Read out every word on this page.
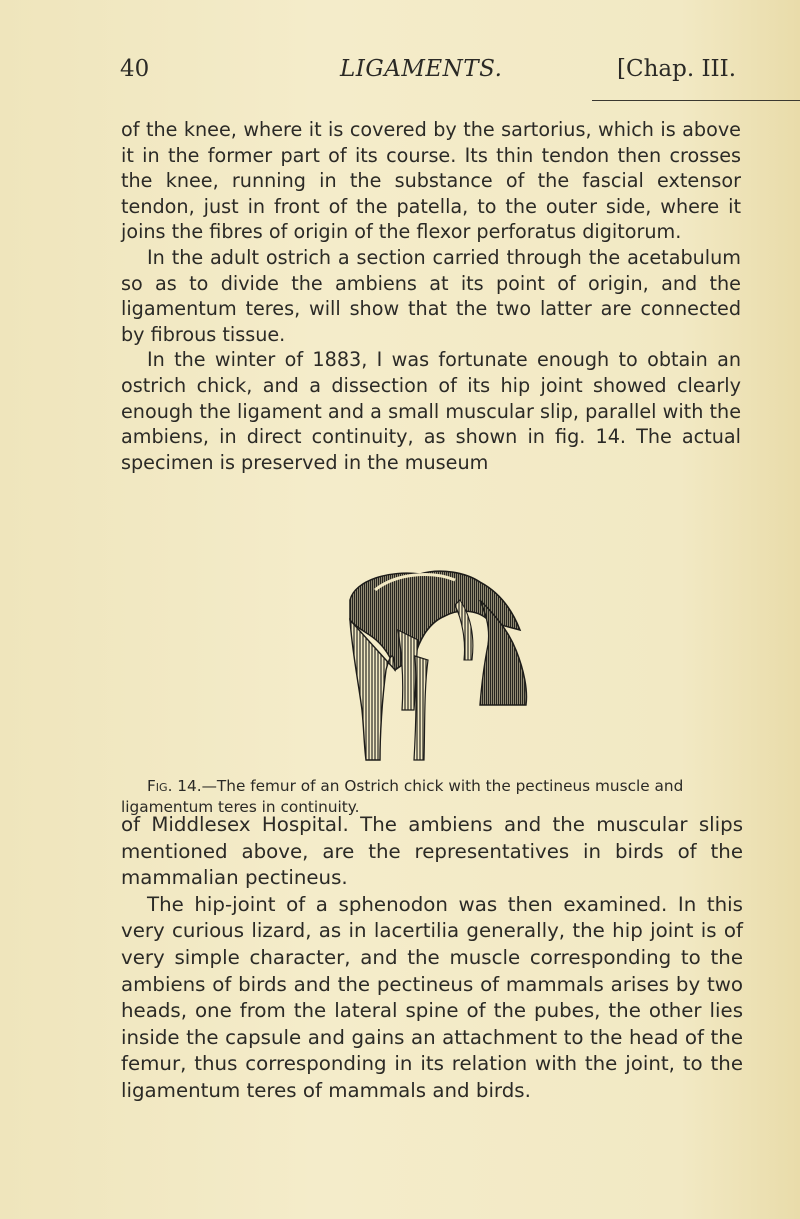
40	LIGAMENTS.	[Chap. III.

of the knee, where it is covered by the sartorius, which is above it in the former part of its course. Its thin tendon then crosses the knee, running in the substance of the fascial extensor tendon, just in front of the patella, to the outer side, where it joins the fibres of origin of the flexor perforatus digitorum.

In the adult ostrich a section carried through the acetabulum so as to divide the ambiens at its point of origin, and the ligamentum teres, will show that the two latter are connected by fibrous tissue.

In the winter of 1883, I was fortunate enough to obtain an ostrich chick, and a dissection of its hip joint showed clearly enough the ligament and a small muscular slip, parallel with the ambiens, in direct continuity, as shown in fig. 14. The actual specimen is preserved in the museum

Fig. 14.—The femur of an Ostrich chick with the pectineus muscle and ligamentum teres in continuity.

of Middlesex Hospital. The ambiens and the muscular slips mentioned above, are the representatives in birds of the mammalian pectineus.

The hip-joint of a sphenodon was then examined. In this very curious lizard, as in lacertilia generally, the hip joint is of very simple character, and the muscle corresponding to the ambiens of birds and the pectineus of mammals arises by two heads, one from the lateral spine of the pubes, the other lies inside the capsule and gains an attachment to the head of the femur, thus corresponding in its relation with the joint, to the ligamentum teres of mammals and birds.
